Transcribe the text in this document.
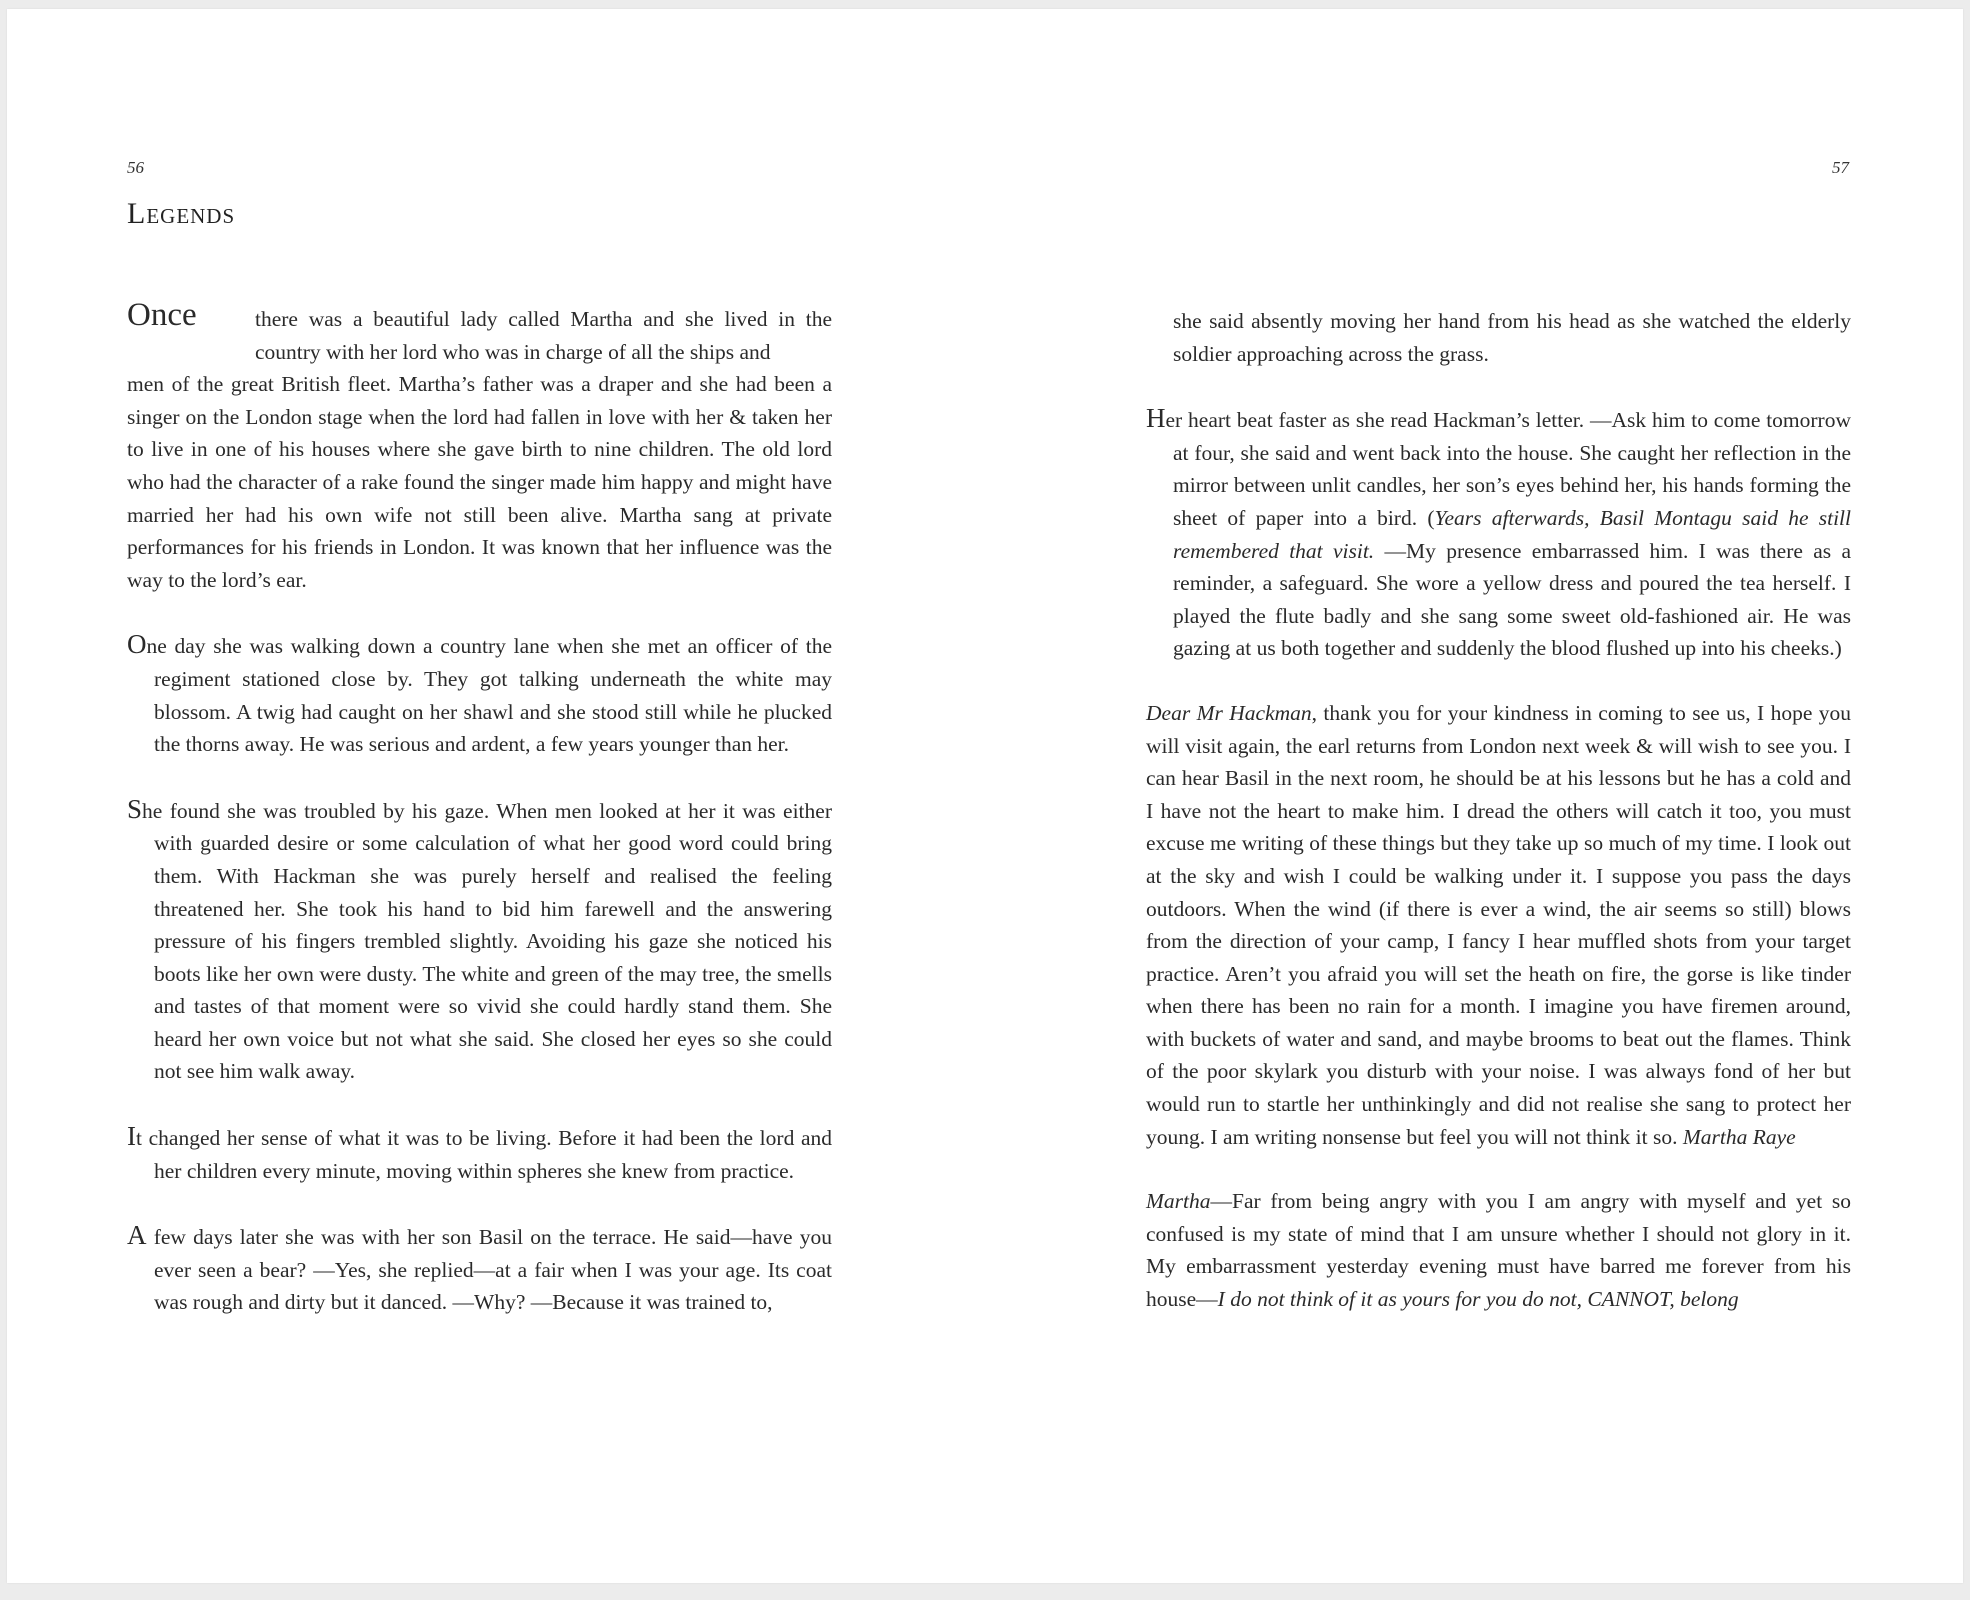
56	57
Legends

Once	there was a beautiful lady called Martha and she lived in the country with her lord who was in charge of all the ships and
men of the great British fleet. Martha’s father was a draper and she had been a singer on the London stage when the lord had fallen in love with her & taken her to live in one of his houses where she gave birth to nine children. The old lord who had the character of a rake found the singer made him happy and might have married her had his own wife not still been alive. Martha sang at private performances for his friends in London. It was known that her influence was the way to the lord’s ear.

One day she was walking down a country lane when she met an officer of the regiment stationed close by. They got talking underneath the white may blossom. A twig had caught on her shawl and she stood still while he plucked the thorns away. He was serious and ardent, a few years younger than her.

She found she was troubled by his gaze. When men looked at her it was either with guarded desire or some calculation of what her good word could bring them. With Hackman she was purely herself and realised the feeling threatened her. She took his hand to bid him farewell and the answering pressure of his fingers trembled slightly. Avoiding his gaze she noticed his boots like her own were dusty. The white and green of the may tree, the smells and tastes of that moment were so vivid she could hardly stand them. She heard her own voice but not what she said. She closed her eyes so she could not see him walk away.

It changed her sense of what it was to be living. Before it had been the lord and her children every minute, moving within spheres she knew from practice.

A few days later she was with her son Basil on the terrace. He said—have you ever seen a bear? —Yes, she replied—at a fair when I was your age. Its coat was rough and dirty but it danced. —Why? —Because it was trained to,

she said absently moving her hand from his head as she watched the elderly soldier approaching across the grass.

Her heart beat faster as she read Hackman’s letter. —Ask him to come tomorrow at four, she said and went back into the house. She caught her reflection in the mirror between unlit candles, her son’s eyes behind her, his hands forming the sheet of paper into a bird. (Years afterwards, Basil Montagu said he still remembered that visit. —My presence embarrassed him. I was there as a reminder, a safeguard. She wore a yellow dress and poured the tea herself. I played the flute badly and she sang some sweet old-fashioned air. He was gazing at us both together and suddenly the blood flushed up into his cheeks.)

Dear Mr Hackman, thank you for your kindness in coming to see us, I hope you will visit again, the earl returns from London next week & will wish to see you. I can hear Basil in the next room, he should be at his lessons but he has a cold and I have not the heart to make him. I dread the others will catch it too, you must excuse me writing of these things but they take up so much of my time. I look out at the sky and wish I could be walking under it. I suppose you pass the days outdoors. When the wind (if there is ever a wind, the air seems so still) blows from the direction of your camp, I fancy I hear muffled shots from your target practice. Aren’t you afraid you will set the heath on fire, the gorse is like tinder when there has been no rain for a month. I imagine you have firemen around, with buckets of water and sand, and maybe brooms to beat out the flames. Think of the poor skylark you disturb with your noise. I was always fond of her but would run to startle her unthinkingly and did not realise she sang to protect her young. I am writing nonsense but feel you will not think it so. Martha Raye

Martha—Far from being angry with you I am angry with myself and yet so confused is my state of mind that I am unsure whether I should not glory in it. My embarrassment yesterday evening must have barred me forever from his house—I do not think of it as yours for you do not, CANNOT, belong
